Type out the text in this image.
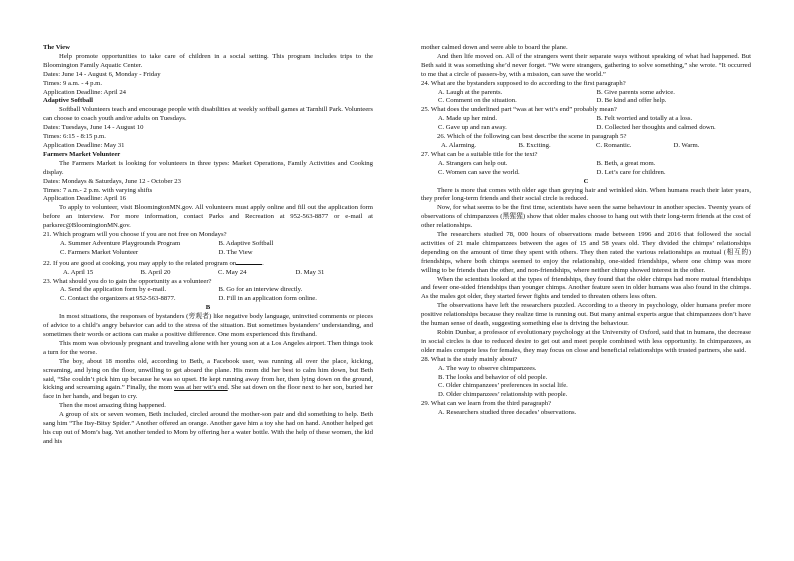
The View

Help promote opportunities to take care of children in a social setting. This program includes trips to the Bloomington Family Aquatic Center.

Dates: June 14 - August 6, Monday - Friday

Times: 9 a.m. - 4 p.m.

Application Deadline: April 24

Adaptive Softball

Softball Volunteers teach and encourage people with disabilities at weekly softball games at Tarnhill Park. Volunteers can choose to coach youth and/or adults on Tuesdays.

Dates: Tuesdays, June 14 - August 10

Times: 6:15 - 8:15 p.m.

Application Deadline: May 31

Farmers Market Volunteer

The Farmers Market is looking for volunteers in three types: Market Operations, Family Activities and Cooking display.

Dates: Mondays & Saturdays, June 12 - October 23

Times: 7 a.m.- 2 p.m. with varying shifts

Application Deadline: April 16

To apply to volunteer, visit BloomingtonMN.gov. All volunteers must apply online and fill out the application form before an interview. For more information, contact Parks and Recreation at 952-563-8877 or e-mail at parksrec@BloomingtonMN.gov.

21. Which program will you choose if you are not free on Mondays?

A. Summer Adventure Playgrounds Program	B. Adaptive Softball
C. Farmers Market Volunteer	D. The View

22. If you are good at cooking, you may apply to the related program on	.

A. April 15	B. April 20	C. May 24	D. May 31

23. What should you do to gain the opportunity as a volunteer?

A. Send the application form by e-mail.	B. Go for an interview directly.
C. Contact the organizers at 952-563-8877.	D. Fill in an application form online.

B

In most situations, the responses of bystanders (旁观者) like negative body language, uninvited comments or pieces of advice to a child’s angry behavior can add to the stress of the situation. But sometimes bystanders’ understanding, and sometimes their words or actions can make a positive difference. One mom experienced this firsthand.

This mom was obviously pregnant and traveling alone with her young son at a Los Angeles airport. Then things took a turn for the worse.

The boy, about 18 months old, according to Beth, a Facebook user, was running all over the place, kicking, screaming, and lying on the floor, unwilling to get aboard the plane. His mom did her best to calm him down, but Beth said, “She couldn’t pick him up because he was so upset. He kept running away from her, then lying down on the ground, kicking and screaming again.” Finally, the mom was at her wit’s end. She sat down on the floor next to her son, buried her face in her hands, and began to cry.

Then the most amazing thing happened.

A group of six or seven women, Beth included, circled around the mother-son pair and did something to help. Beth sang him “The Itsy-Bitsy Spider.” Another offered an orange. Another gave him a toy she had on hand. Another helped get his cup out of Mom’s bag. Yet another tended to Mom by offering her a water bottle. With the help of these women, the kid and his

mother calmed down and were able to board the plane.

And then life moved on. All of the strangers went their separate ways without speaking of what had happened. But Beth said it was something she’d never forget. “We were strangers, gathering to solve something,” she wrote. “It occurred to me that a circle of passers-by, with a mission, can save the world.”

24. What are the bystanders supposed to do according to the first paragraph?

A. Laugh at the parents.	B. Give parents some advice.
C. Comment on the situation.	D. Be kind and offer help.

25. What does the underlined part “was at her wit’s end” probably mean?

A. Made up her mind.	B. Felt worried and totally at a loss.
C. Gave up and ran away.	D. Collected her thoughts and calmed down.

26. Which of the following can best describe the scene in paragraph 5?

A. Alarming.	B. Exciting.	C. Romantic.	D. Warm.

27. What can be a suitable title for the text?

A. Strangers can help out.	B. Beth, a great mom.
C. Women can save the world.	D. Let’s care for children.

C

There is more that comes with older age than greying hair and wrinkled skin. When humans reach their later years, they prefer long-term friends and their social circle is reduced.

Now, for what seems to be the first time, scientists have seen the same behaviour in another species. Twenty years of observations of chimpanzees (黑猩猩) show that older males choose to hang out with their long-term friends at the cost of other relationships.

The researchers studied 78, 000 hours of observations made between 1996 and 2016 that followed the social activities of 21 male chimpanzees between the ages of 15 and 58 years old. They divided the chimps’ relationships depending on the amount of time they spent with others. They then rated the various relationships as mutual (相互的) friendships, where both chimps seemed to enjoy the relationship, one-sided friendships, where one chimp was more willing to be friends than the other, and non-friendships, where neither chimp showed interest in the other.

When the scientists looked at the types of friendships, they found that the older chimps had more mutual friendships and fewer one-sided friendships than younger chimps. Another feature seen in older humans was also found in the chimps. As the males got older, they started fewer fights and tended to threaten others less often.

The observations have left the researchers puzzled. According to a theory in psychology, older humans prefer more positive relationships because they realize time is running out. But many animal experts argue that chimpanzees don’t have the human sense of death, suggesting something else is driving the behaviour.

Robin Dunbar, a professor of evolutionary psychology at the University of Oxford, said that in humans, the decrease in social circles is due to reduced desire to get out and meet people combined with less opportunity. In chimpanzees, as older males compete less for females, they may focus on close and beneficial relationships with trusted partners, she said.

28. What is the study mainly about?

A. The way to observe chimpanzees.

B. The looks and behavior of old people.

C. Older chimpanzees’ preferences in social life.

D. Older chimpanzees’ relationship with people.

29. What can we learn from the third paragraph?

A. Researchers studied three decades’ observations.
